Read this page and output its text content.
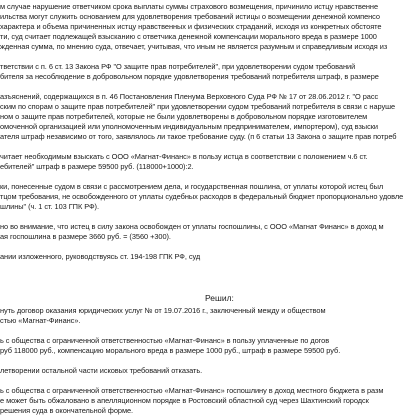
Решил:
м случае нарушение ответчиком срока выплаты суммы страхового возмещения, причинило истцу нравственне
ильства могут служить основанием для удовлетворения требований истицы о возмещении денежной компенсо
характера и объема причиненных истцу нравственных и физических страданий, исходя из конкретных обстояте
ти, суд считает подлежащей взысканию с ответчика денежной компенсации морального вреда в размере 1000
жденная сумма, по мнению суда, отвечает, учитывая, что иным не является разумным и справедливым исходя из
тветствии с п. 6 ст. 13 Закона РФ "О защите прав потребителей", при удовлетворении судом требований
бителя за несоблюдение в добровольном порядке удовлетворения требований потребителя штраф, в размере
азъяснений, содержащихся в п. 46 Постановления Пленума Верховного Суда РФ № 17 от 28.06.2012 г. "О расс
ским по спорам о защите прав потребителей" при удовлетворении судом требований потребителя в связи с наруше
ном о защите прав потребителей, которые не были удовлетворены в добровольном порядке изготовителем
омоченной организацией или уполномоченным индивидуальным предпринимателем, импортером), суд взыски
ателя штраф независимо от того, заявлялось ли такое требование суду. (п 6 статьи 13 Закона о защите прав потреб
читает необходимым взыскать с ООО «Магнат-Финанс» в пользу истца в соответствии с положением ч.6 ст.
ебителей" штраф в размере 59500 руб. (118000+1000):2.
ки, понесенные судом в связи с рассмотрением дела, и государственная пошлина, от уплаты которой истец был
тцом требования, не освобожденного от уплаты судебных расходов в федеральный бюджет пропорционально удовле
шлины" (ч. 1 ст. 103 ГПК РФ).
но во внимание, что истец в силу закона освобожден от уплаты госпошлины, с ООО «Магнат Финанс» в доход м
ая госпошлина в размере 3660 руб. = (3560 +300).
ании изложенного, руководствуясь ст. 194-198 ГПК РФ, суд
нуть договор оказания юридических услуг № от 19.07.2016 г., заключенный между и обществом
стью «Магнат-Финанс».
ь с общества с ограниченной ответственностью «Магнат-Финанс» в пользу уплаченные по догов
руб 118000 руб., компенсацию морального вреда в размере 1000 руб., штраф в размере 59500 руб.
летворении остальной части исковых требований отказать.
ь с общества с ограниченной ответственностью «Магнат-Финанс» госпошлину в доход местного бюджета в разм
е может быть обжаловано в апелляционном порядке в Ростовский областной суд через Шахтинский городск
решения суда в окончательной форме.
